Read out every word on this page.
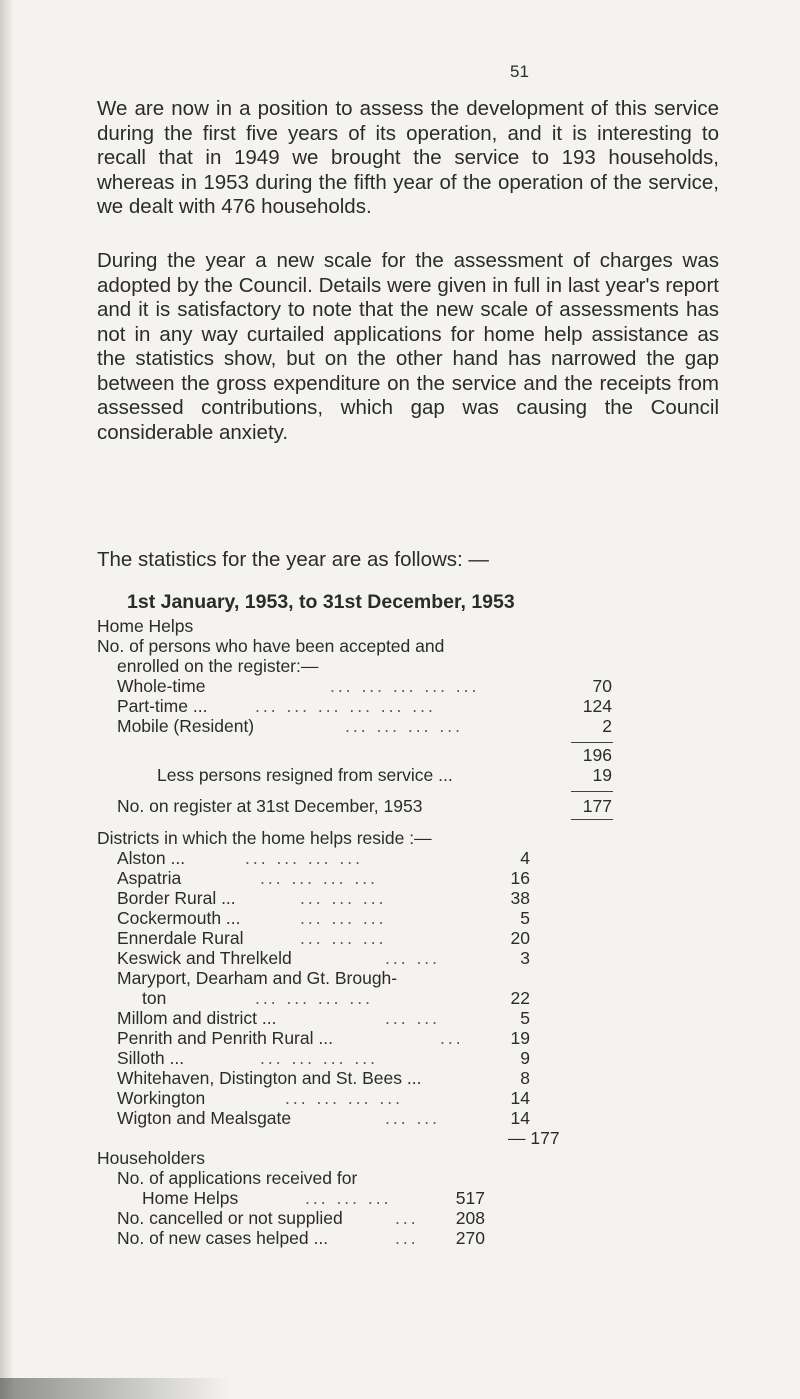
51

We are now in a position to assess the development of this service during the first five years of its operation, and it is interesting to recall that in 1949 we brought the service to 193 households, whereas in 1953 during the fifth year of the operation of the service, we dealt with 476 households.

During the year a new scale for the assessment of charges was adopted by the Council. Details were given in full in last year's report and it is satisfactory to note that the new scale of assessments has not in any way curtailed applications for home help assistance as the statistics show, but on the other hand has narrowed the gap between the gross expenditure on the service and the receipts from assessed contributions, which gap was causing the Council considerable anxiety.

The statistics for the year are as follows: —

1st January, 1953, to 31st December, 1953
Home Helps
No. of persons who have been accepted and
enrolled on the register:—
Whole-time	... ... ... ... ...	70
Part-time ...	... ... ... ... ... ...	124
Mobile (Resident)	... ... ... ...	2
196
Less persons resigned from service ...	19
No. on register at 31st December, 1953	177
Districts in which the home helps reside :—
Alston ...	... ... ... ...	4
Aspatria	... ... ... ...	16
Border Rural ...	... ... ...	38
Cockermouth ...	... ... ...	5
Ennerdale Rural	... ... ...	20
Keswick and Threlkeld	... ...	3
Maryport, Dearham and Gt. Brough-
ton	... ... ... ...	22
Millom and district ...	... ...	5
Penrith and Penrith Rural ...	...	19
Silloth ...	... ... ... ...	9
Whitehaven, Distington and St. Bees ...	8
Workington	... ... ... ...	14
Wigton and Mealsgate	... ...	14
— 177
Householders
No. of applications received for
Home Helps	... ... ...	517
No. cancelled or not supplied	...	208
No. of new cases helped ...	...	270
